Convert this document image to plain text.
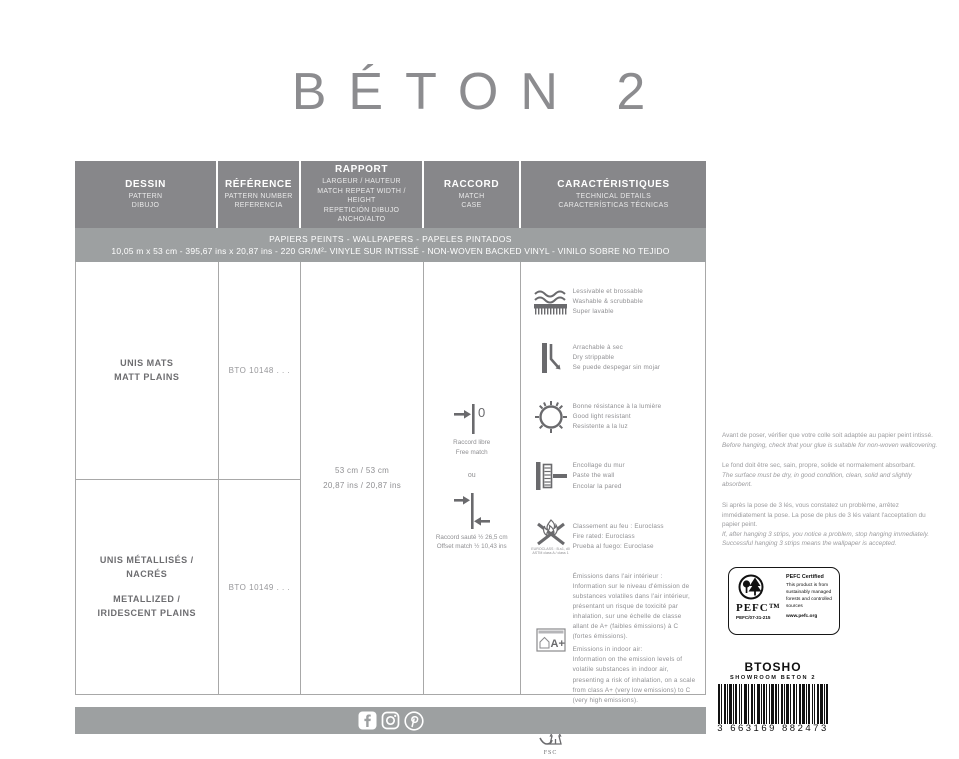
BÉTON 2
DESSIN
PATTERN
DIBUJO
RÉFÉRENCE
PATTERN NUMBER
REFERENCIA
RAPPORT
LARGEUR / HAUTEUR
MATCH REPEAT WIDTH / HEIGHT
REPETICIÓN DIBUJO ANCHO/ALTO
RACCORD
MATCH
CASE
CARACTÉRISTIQUES
TECHNICAL DETAILS
CARACTERÍSTICAS TÉCNICAS
PAPIERS PEINTS - WALLPAPERS - PAPELES PINTADOS
10,05 m x 53 cm - 395,67 ins x 20,87 ins - 220 GR/M²- VINYLE SUR INTISSÉ - NON-WOVEN BACKED VINYL - VINILO SOBRE NO TEJIDO
UNIS MATS
MATT PLAINS
UNIS MÉTALLISÉS / NACRÉS
METALLIZED / IRIDESCENT PLAINS
BTO 10148 . . .
BTO 10149 . . .
53 cm / 53 cm
20,87 ins / 20,87 ins
0
Raccord libre
Free match
ou
Raccord sauté ½ 26,5 cm
Offset match ½ 10,43 ins
Lessivable et brossable
Washable & scrubbable
Super lavable
Arrachable à sec
Dry strippable
Se puede despegar sin mojar
Bonne résistance à la lumière
Good light resistant
Resistente a la luz
Encollage du mur
Paste the wall
Encolar la pared
EUROCLASS : B-s1, d0
ASTM class A / class 1
Classement au feu : Euroclass
Fire rated: Euroclass
Prueba al fuego: Euroclase
A+
Émissions dans l'air intérieur :
Information sur le niveau d'émission de substances volatiles dans l'air intérieur, présentant un risque de toxicité par inhalation, sur une échelle de classe allant de A+ (faibles émissions) à C (fortes émissions).
Emissions in indoor air:
Information on the emission levels of volatile substances in indoor air, presenting a risk of inhalation, on a scale from class A+ (very low emissions) to C (very high emissions).
FSC
Avant de poser, vérifier que votre colle soit adaptée au papier peint intissé.
Before hanging, check that your glue is suitable for non-woven wallcovering.
Le fond doit être sec, sain, propre, solide et normalement absorbant.
The surface must be dry, in good condition, clean, solid and slightly absorbent.
Si après la pose de 3 lés, vous constatez un problème, arrêtez immédiatement la pose. La pose de plus de 3 lés valant l'acceptation du papier peint.
If, after hanging 3 strips, you notice a problem, stop hanging immediately. Successful hanging 3 strips means the wallpaper is accepted.
PEFC™
PEFC/07-31-215
PEFC Certified
This product is from sustainably managed forests and controlled sources
www.pefc.org
BTOSHO
SHOWROOM BETON 2
3 663169 882473
